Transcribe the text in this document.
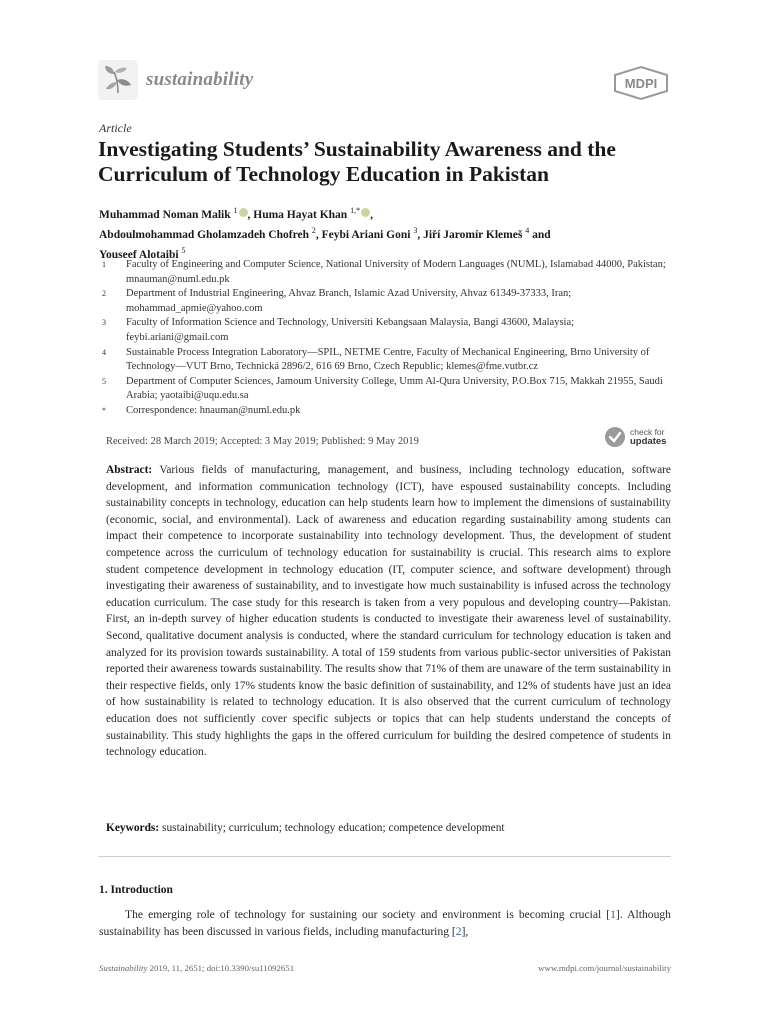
sustainability	MDPI
Article
Investigating Students’ Sustainability Awareness and the Curriculum of Technology Education in Pakistan
Muhammad Noman Malik $^1$ , Huma Hayat Khan $^{1,*}$ ,
Abdoulmohammad Gholamzadeh Chofreh $^2$, Feybi Ariani Goni $^3$, Jiří Jaromír Klemeš $^4$ and
Youseef Alotaibi $^5$
1	Faculty of Engineering and Computer Science, National University of Modern Languages (NUML), Islamabad 44000, Pakistan; mnauman@numl.edu.pk
2	Department of Industrial Engineering, Ahvaz Branch, Islamic Azad University, Ahvaz 61349-37333, Iran; mohammad_apmie@yahoo.com
3	Faculty of Information Science and Technology, Universiti Kebangsaan Malaysia, Bangi 43600, Malaysia; feybi.ariani@gmail.com
4	Sustainable Process Integration Laboratory—SPIL, NETME Centre, Faculty of Mechanical Engineering, Brno University of Technology—VUT Brno, Technická 2896/2, 616 69 Brno, Czech Republic; klemes@fme.vutbr.cz
5	Department of Computer Sciences, Jamoum University College, Umm Al-Qura University, P.O.Box 715, Makkah 21955, Saudi Arabia; yaotaibi@uqu.edu.sa
*	Correspondence: hnauman@numl.edu.pk
Received: 28 March 2019; Accepted: 3 May 2019; Published: 9 May 2019
check for
updates
Abstract: Various fields of manufacturing, management, and business, including technology education, software development, and information communication technology (ICT), have espoused sustainability concepts. Including sustainability concepts in technology, education can help students learn how to implement the dimensions of sustainability (economic, social, and environmental). Lack of awareness and education regarding sustainability among students can impact their competence to incorporate sustainability into technology development. Thus, the development of student competence across the curriculum of technology education for sustainability is crucial. This research aims to explore student competence development in technology education (IT, computer science, and software development) through investigating their awareness of sustainability, and to investigate how much sustainability is infused across the technology education curriculum. The case study for this research is taken from a very populous and developing country—Pakistan. First, an in-depth survey of higher education students is conducted to investigate their awareness level of sustainability. Second, qualitative document analysis is conducted, where the standard curriculum for technology education is taken and analyzed for its provision towards sustainability. A total of 159 students from various public-sector universities of Pakistan reported their awareness towards sustainability. The results show that 71% of them are unaware of the term sustainability in their respective fields, only 17% students know the basic definition of sustainability, and 12% of students have just an idea of how sustainability is related to technology education. It is also observed that the current curriculum of technology education does not sufficiently cover specific subjects or topics that can help students understand the concepts of sustainability. This study highlights the gaps in the offered curriculum for building the desired competence of students in technology education.
Keywords: sustainability; curriculum; technology education; competence development
1. Introduction
The emerging role of technology for sustaining our society and environment is becoming crucial [1]. Although sustainability has been discussed in various fields, including manufacturing [2],
Sustainability 2019, 11, 2651; doi:10.3390/su11092651	www.mdpi.com/journal/sustainability
